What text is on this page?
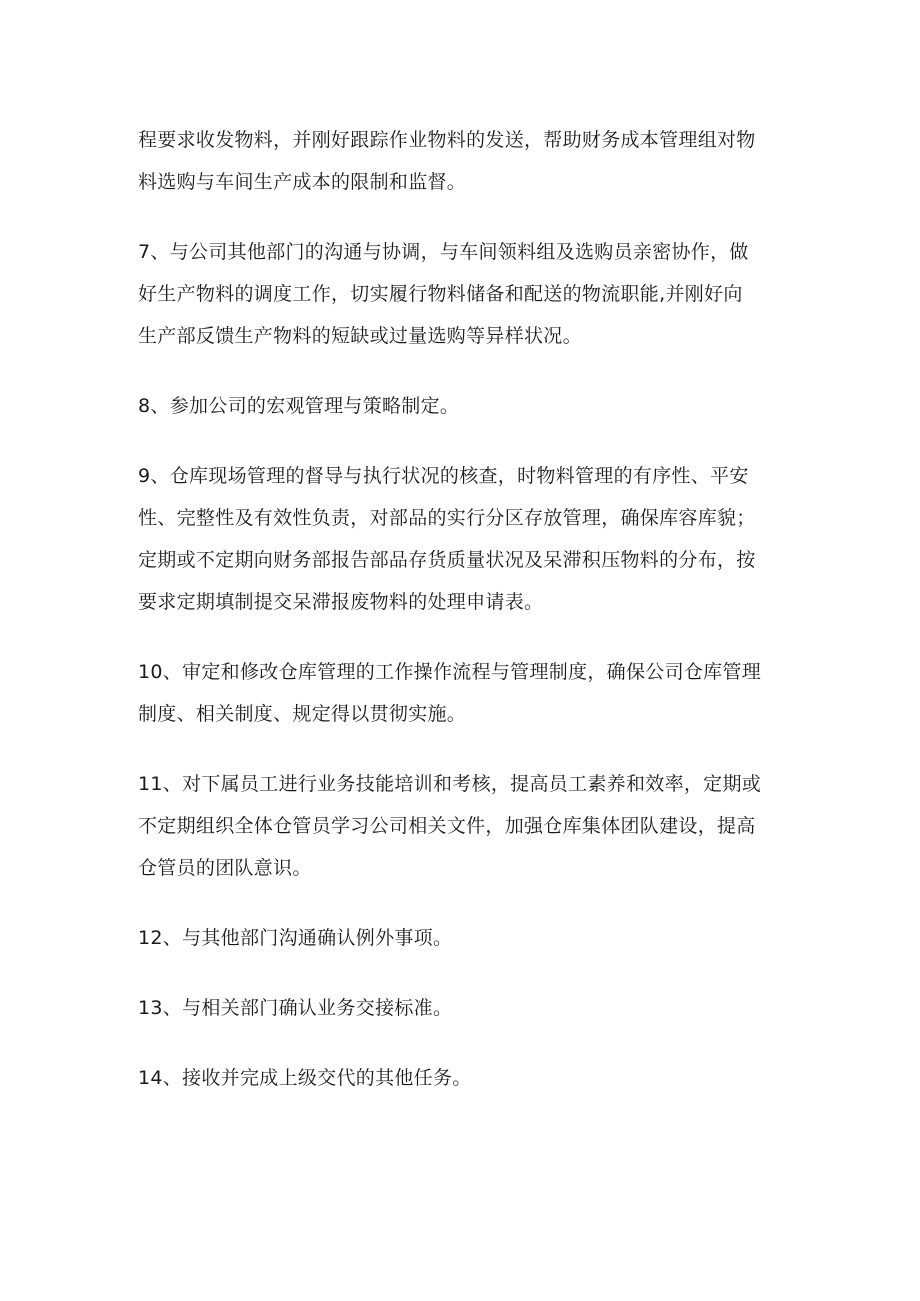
程要求收发物料，并刚好跟踪作业物料的发送，帮助财务成本管理组对物
料选购与车间生产成本的限制和监督。

7、与公司其他部门的沟通与协调，与车间领料组及选购员亲密协作，做
好生产物料的调度工作，切实履行物料储备和配送的物流职能,并刚好向
生产部反馈生产物料的短缺或过量选购等异样状况。

8、参加公司的宏观管理与策略制定。

9、仓库现场管理的督导与执行状况的核查，时物料管理的有序性、平安
性、完整性及有效性负责，对部品的实行分区存放管理，确保库容库貌；
定期或不定期向财务部报告部品存货质量状况及呆滞积压物料的分布，按
要求定期填制提交呆滞报废物料的处理申请表。

10、审定和修改仓库管理的工作操作流程与管理制度，确保公司仓库管理
制度、相关制度、规定得以贯彻实施。

11、对下属员工进行业务技能培训和考核，提高员工素养和效率，定期或
不定期组织全体仓管员学习公司相关文件，加强仓库集体团队建设，提高
仓管员的团队意识。

12、与其他部门沟通确认例外事项。

13、与相关部门确认业务交接标准。

14、接收并完成上级交代的其他任务。
